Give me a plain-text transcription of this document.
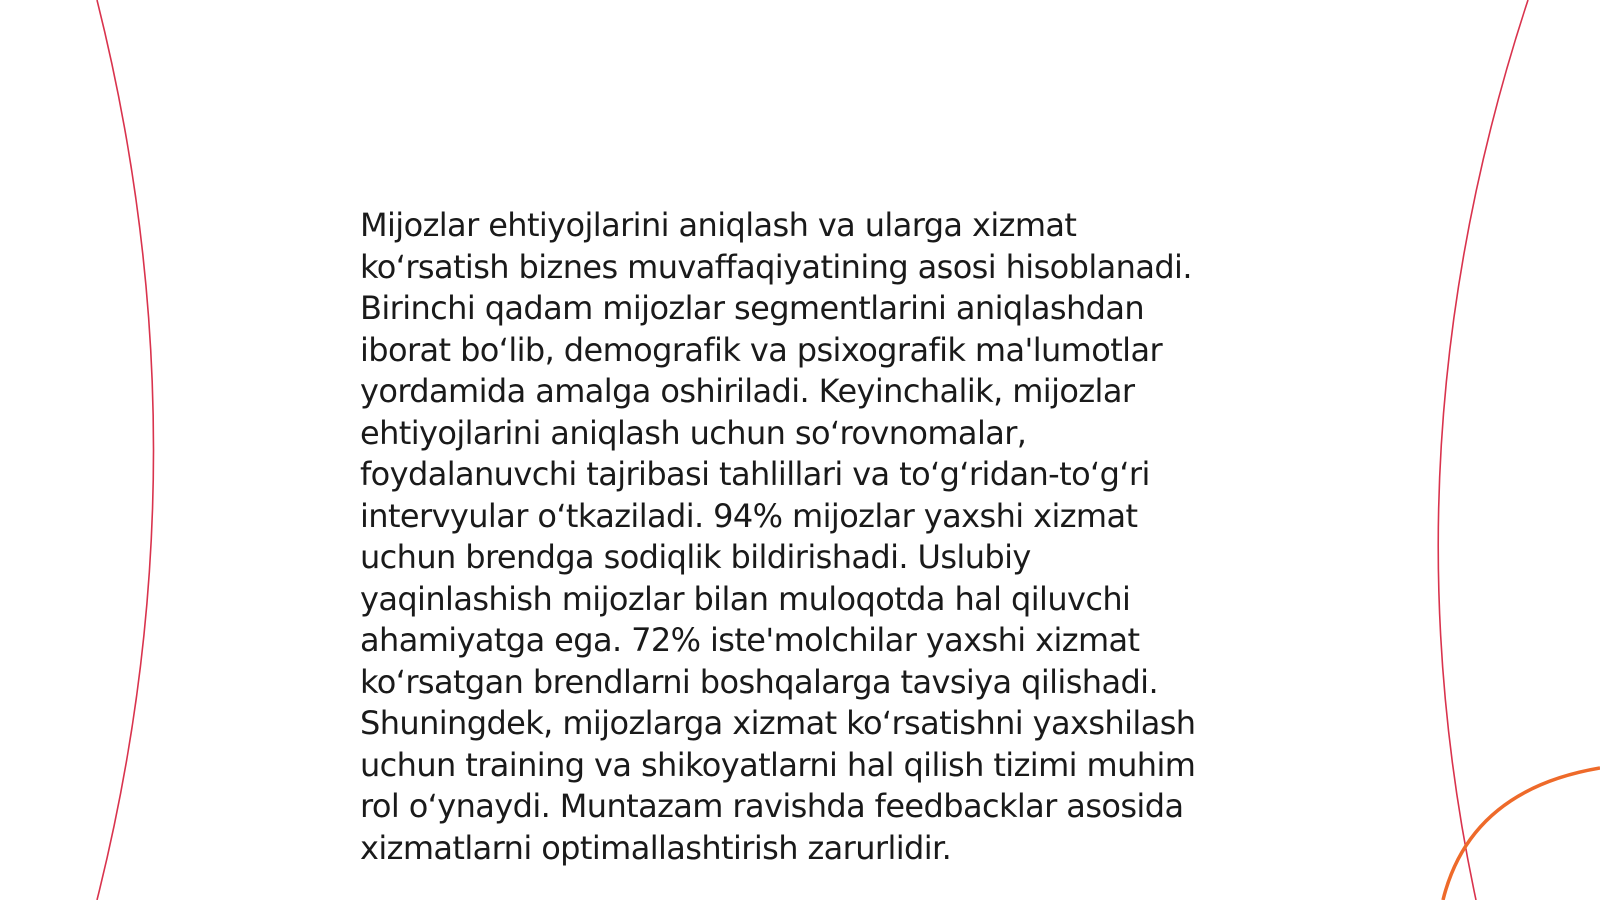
Mijozlar ehtiyojlarini aniqlash va ularga xizmat
ko‘rsatish biznes muvaffaqiyatining asosi hisoblanadi.
Birinchi qadam mijozlar segmentlarini aniqlashdan
iborat bo‘lib, demografik va psixografik ma'lumotlar
yordamida amalga oshiriladi. Keyinchalik, mijozlar
ehtiyojlarini aniqlash uchun so‘rovnomalar,
foydalanuvchi tajribasi tahlillari va to‘g‘ridan-to‘g‘ri
intervyular o‘tkaziladi. 94% mijozlar yaxshi xizmat
uchun brendga sodiqlik bildirishadi. Uslubiy
yaqinlashish mijozlar bilan muloqotda hal qiluvchi
ahamiyatga ega. 72% iste'molchilar yaxshi xizmat
ko‘rsatgan brendlarni boshqalarga tavsiya qilishadi.
Shuningdek, mijozlarga xizmat ko‘rsatishni yaxshilash
uchun training va shikoyatlarni hal qilish tizimi muhim
rol o‘ynaydi. Muntazam ravishda feedbacklar asosida
xizmatlarni optimallashtirish zarurlidir.
